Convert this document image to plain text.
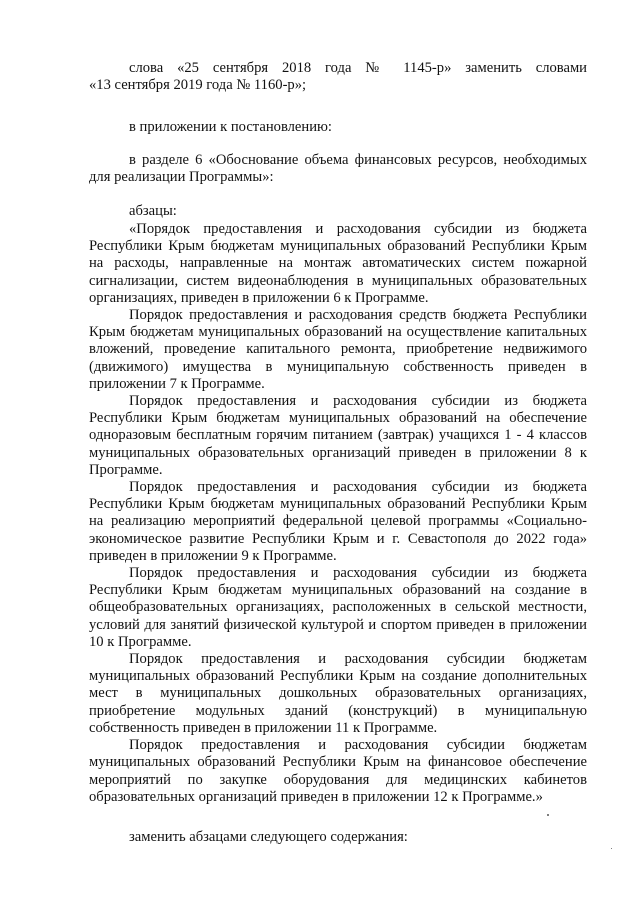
слова «25 сентября 2018 года № 1145-р» заменить словами
«13 сентября 2019 года № 1160-р»;
в приложении к постановлению:
в разделе 6 «Обоснование объема финансовых ресурсов, необходимых
для реализации Программы»:
абзацы:

«Порядок предоставления и расходования субсидии из бюджета Республики Крым бюджетам муниципальных образований Республики Крым на расходы, направленные на монтаж автоматических систем пожарной сигнализации, систем видеонаблюдения в муниципальных образовательных организациях, приведен в приложении 6 к Программе.

Порядок предоставления и расходования средств бюджета Республики Крым бюджетам муниципальных образований на осуществление капитальных вложений, проведение капитального ремонта, приобретение недвижимого (движимого) имущества в муниципальную собственность приведен в приложении 7 к Программе.

Порядок предоставления и расходования субсидии из бюджета Республики Крым бюджетам муниципальных образований на обеспечение одноразовым бесплатным горячим питанием (завтрак) учащихся 1 - 4 классов муниципальных образовательных организаций приведен в приложении 8 к Программе.

Порядок предоставления и расходования субсидии из бюджета Республики Крым бюджетам муниципальных образований Республики Крым на реализацию мероприятий федеральной целевой программы «Социально-экономическое развитие Республики Крым и г. Севастополя до 2022 года» приведен в приложении 9 к Программе.

Порядок предоставления и расходования субсидии из бюджета Республики Крым бюджетам муниципальных образований на создание в общеобразовательных организациях, расположенных в сельской местности, условий для занятий физической культурой и спортом приведен в приложении 10 к Программе.

Порядок предоставления и расходования субсидии бюджетам муниципальных образований Республики Крым на создание дополнительных мест в муниципальных дошкольных образовательных организациях, приобретение модульных зданий (конструкций) в муниципальную собственность приведен в приложении 11 к Программе.

Порядок предоставления и расходования субсидии бюджетам муниципальных образований Республики Крым на финансовое обеспечение мероприятий по закупке оборудования для медицинских кабинетов образовательных организаций приведен в приложении 12 к Программе.»

заменить абзацами следующего содержания:
